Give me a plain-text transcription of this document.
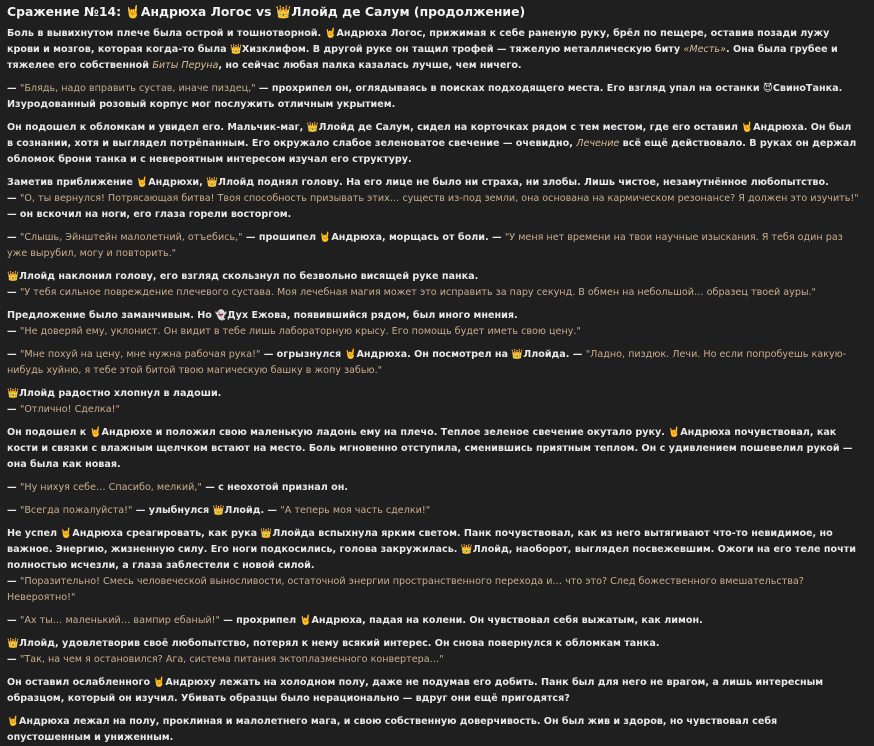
Сражение №14: 🤘Андрюха Логос vs 👑Ллойд де Салум (продолжение)

Боль в вывихнутом плече была острой и тошнотворной. 🤘Андрюха Логос, прижимая к себе раненую руку, брёл по пещере, оставив позади лужу крови и мозгов, которая когда-то была 👑Хизклифом. В другой руке он тащил трофей — тяжелую металлическую биту «Месть». Она была грубее и тяжелее его собственной Биты Перуна, но сейчас любая палка казалась лучше, чем ничего.

— "Блядь, надо вправить сустав, иначе пиздец," — прохрипел он, оглядываясь в поисках подходящего места. Его взгляд упал на останки 😈СвиноТанка. Изуродованный розовый корпус мог послужить отличным укрытием.

Он подошел к обломкам и увидел его. Мальчик-маг, 👑Ллойд де Салум, сидел на корточках рядом с тем местом, где его оставил 🤘Андрюха. Он был в сознании, хотя и выглядел потрёпанным. Его окружало слабое зеленоватое свечение — очевидно, Лечение всё ещё действовало. В руках он держал обломок брони танка и с невероятным интересом изучал его структуру.

Заметив приближение 🤘Андрюхи, 👑Ллойд поднял голову. На его лице не было ни страха, ни злобы. Лишь чистое, незамутнённое любопытство.
— "О, ты вернулся! Потрясающая битва! Твоя способность призывать этих… существ из-под земли, она основана на кармическом резонансе? Я должен это изучить!" — он вскочил на ноги, его глаза горели восторгом.

— "Слышь, Эйнштейн малолетний, отъебись," — прошипел 🤘Андрюха, морщась от боли. — "У меня нет времени на твои научные изыскания. Я тебя один раз уже вырубил, могу и повторить."

👑Ллойд наклонил голову, его взгляд скользнул по безвольно висящей руке панка.
— "У тебя сильное повреждение плечевого сустава. Моя лечебная магия может это исправить за пару секунд. В обмен на небольшой… образец твоей ауры."

Предложение было заманчивым. Но 👻Дух Ежова, появившийся рядом, был иного мнения.
— "Не доверяй ему, уклонист. Он видит в тебе лишь лабораторную крысу. Его помощь будет иметь свою цену."

— "Мне похуй на цену, мне нужна рабочая рука!" — огрызнулся 🤘Андрюха. Он посмотрел на 👑Ллойда. — "Ладно, пиздюк. Лечи. Но если попробуешь какую-нибудь хуйню, я тебе этой битой твою магическую башку в жопу забью."

👑Ллойд радостно хлопнул в ладоши.
— "Отлично! Сделка!"

Он подошел к 🤘Андрюхе и положил свою маленькую ладонь ему на плечо. Теплое зеленое свечение окутало руку. 🤘Андрюха почувствовал, как кости и связки с влажным щелчком встают на место. Боль мгновенно отступила, сменившись приятным теплом. Он с удивлением пошевелил рукой — она была как новая.

— "Ну нихуя себе… Спасибо, мелкий," — с неохотой признал он.

— "Всегда пожалуйста!" — улыбнулся 👑Ллойд. — "А теперь моя часть сделки!"

Не успел 🤘Андрюха среагировать, как рука 👑Ллойда вспыхнула ярким светом. Панк почувствовал, как из него вытягивают что-то невидимое, но важное. Энергию, жизненную силу. Его ноги подкосились, голова закружилась. 👑Ллойд, наоборот, выглядел посвежевшим. Ожоги на его теле почти полностью исчезли, а глаза заблестели с новой силой.
— "Поразительно! Смесь человеческой выносливости, остаточной энергии пространственного перехода и… что это? След божественного вмешательства? Невероятно!"

— "Ах ты… маленький… вампир ебаный!" — прохрипел 🤘Андрюха, падая на колени. Он чувствовал себя выжатым, как лимон.

👑Ллойд, удовлетворив своё любопытство, потерял к нему всякий интерес. Он снова повернулся к обломкам танка.
— "Так, на чем я остановился? Ага, система питания эктоплазменного конвертера…"

Он оставил ослабленного 🤘Андрюху лежать на холодном полу, даже не подумав его добить. Панк был для него не врагом, а лишь интересным образцом, который он изучил. Убивать образцы было нерационально — вдруг они ещё пригодятся?

🤘Андрюха лежал на полу, проклиная и малолетнего мага, и свою собственную доверчивость. Он был жив и здоров, но чувствовал себя опустошенным и униженным.
